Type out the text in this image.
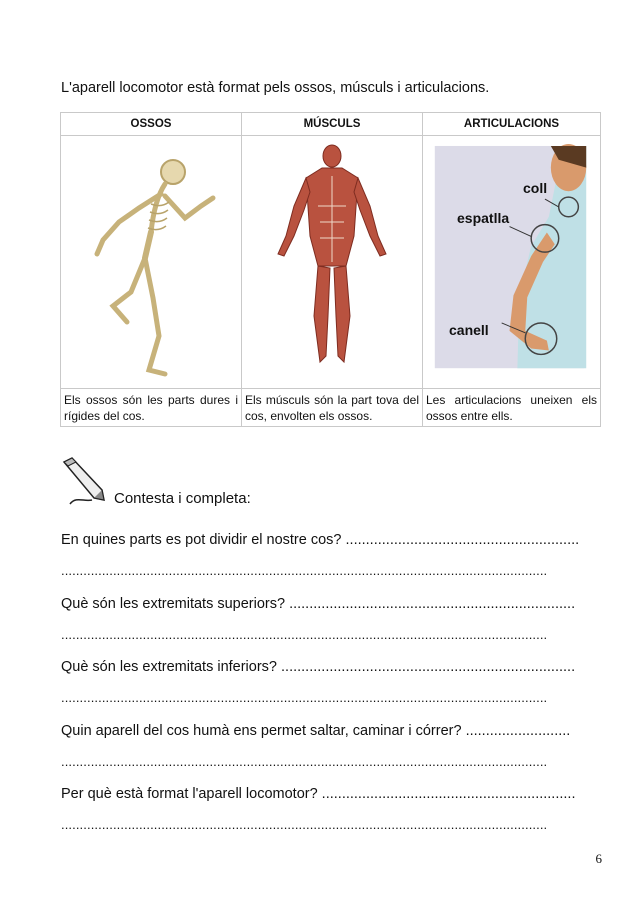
L'aparell locomotor està format pels ossos, músculs i articulacions.
OSSOS	MÚSCULS	ARTICULACIONS

coll
espatlla
canell

Els ossos són les parts dures i rígides del cos.	Els músculs són la part tova del cos, envolten els ossos.	Les articulacions uneixen els ossos entre ells.
Contesta i completa:
En quines parts es pot dividir el nostre cos? ..........................................................
...................................................................................................................................
Què són les extremitats superiors? .......................................................................
...................................................................................................................................
Què són les extremitats inferiors? .........................................................................
...................................................................................................................................
Quin aparell del cos humà ens permet saltar, caminar i córrer? ..........................
...................................................................................................................................
Per què està format l'aparell locomotor? ...............................................................
...................................................................................................................................
6
